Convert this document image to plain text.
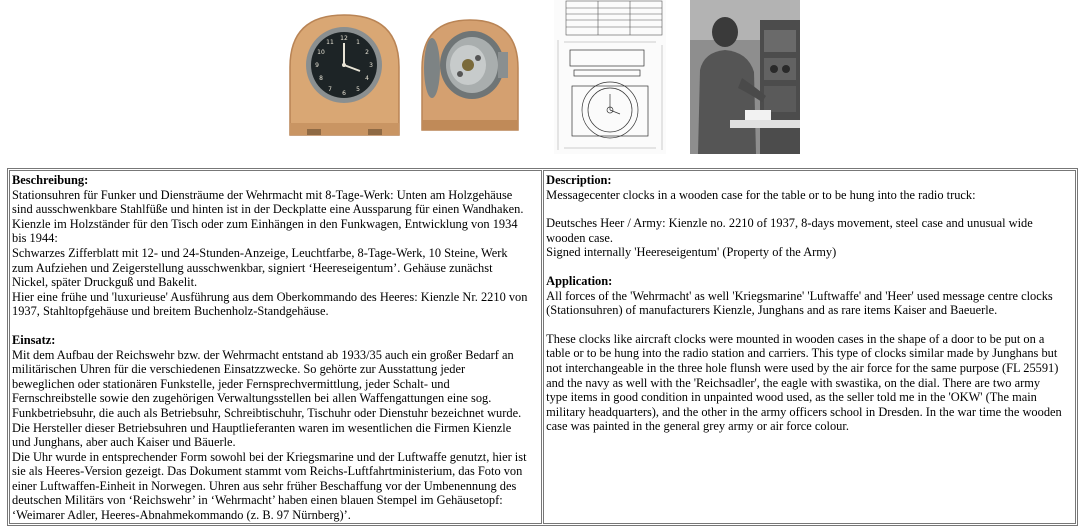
12
6
3
9
1
2
4
5
7
8
10
11
Beschreibung:
Stationsuhren für Funker und Diensträume der Wehrmacht mit 8-Tage-Werk: Unten am Holzgehäuse
sind ausschwenkbare Stahlfüße und hinten ist in der Deckplatte eine Aussparung für einen Wandhaken.
Kienzle im Holzständer für den Tisch oder zum Einhängen in den Funkwagen, Entwicklung von 1934
bis 1944:
Schwarzes Zifferblatt mit 12- und 24-Stunden-Anzeige, Leuchtfarbe, 8-Tage-Werk, 10 Steine, Werk
zum Aufziehen und Zeigerstellung ausschwenkbar, signiert ‘Heereseigentum’. Gehäuse zunächst
Nickel, später Druckguß und Bakelit.
Hier eine frühe und 'luxurieuse' Ausführung aus dem Oberkommando des Heeres: Kienzle Nr. 2210 von
1937, Stahltopfgehäuse und breitem Buchenholz-Standgehäuse.
Einsatz:
Mit dem Aufbau der Reichswehr bzw. der Wehrmacht entstand ab 1933/35 auch ein großer Bedarf an
militärischen Uhren für die verschiedenen Einsatzzwecke. So gehörte zur Ausstattung jeder
beweglichen oder stationären Funkstelle, jeder Fernsprechvermittlung, jeder Schalt- und
Fernschreibstelle sowie den zugehörigen Verwaltungsstellen bei allen Waffengattungen eine sog.
Funkbetriebsuhr, die auch als Betriebsuhr, Schreibtischuhr, Tischuhr oder Dienstuhr bezeichnet wurde.
Die Hersteller dieser Betriebsuhren und Hauptlieferanten waren im wesentlichen die Firmen Kienzle
und Junghans, aber auch Kaiser und Bäuerle.
Die Uhr wurde in entsprechender Form sowohl bei der Kriegsmarine und der Luftwaffe genutzt, hier ist
sie als Heeres-Version gezeigt. Das Dokument stammt vom Reichs-Luftfahrtministerium, das Foto von
einer Luftwaffen-Einheit in Norwegen. Uhren aus sehr früher Beschaffung vor der Umbenennung des
deutschen Militärs von ‘Reichswehr’ in ‘Wehrmacht’ haben einen blauen Stempel im Gehäusetopf:
‘Weimarer Adler, Heeres-Abnahmekommando (z. B. 97 Nürnberg)’.

Description:
Messagecenter clocks in a wooden case for the table or to be hung into the radio truck:
Deutsches Heer / Army: Kienzle no. 2210 of 1937, 8-days movement, steel case and unusual wide
wooden case.
Signed internally 'Heereseigentum' (Property of the Army)
Application:
All forces of the 'Wehrmacht' as well 'Kriegsmarine' 'Luftwaffe' and 'Heer' used message centre clocks
(Stationsuhren) of manufacturers Kienzle, Junghans and as rare items Kaiser and Baeuerle.
These clocks like aircraft clocks were mounted in wooden cases in the shape of a door to be put on a
table or to be hung into the radio station and carriers. This type of clocks similar made by Junghans but
not interchangeable in the three hole flunsh were used by the air force for the same purpose (FL 25591)
and the navy as well with the 'Reichsadler', the eagle with swastika, on the dial. There are two army
type items in good condition in unpainted wood used, as the seller told me in the 'OKW' (The main
military headquarters), and the other in the army officers school in Dresden. In the war time the wooden
case was painted in the general grey army or air force colour.
